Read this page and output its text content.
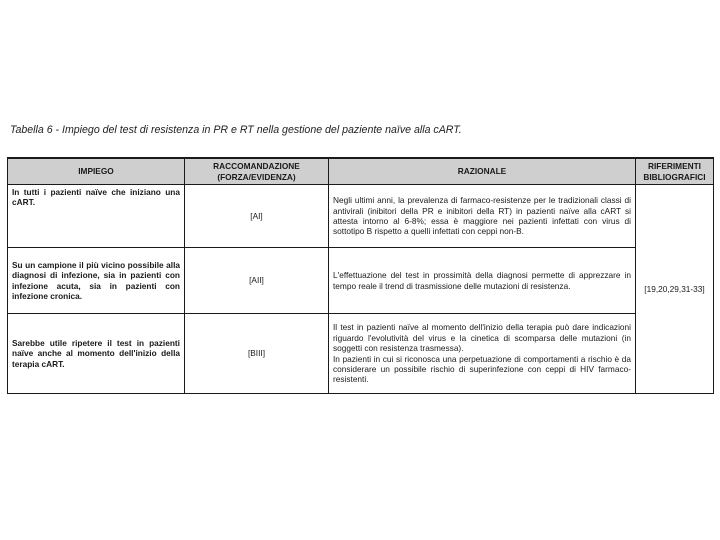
Tabella 6 - Impiego del test di resistenza in PR e RT nella gestione del paziente naïve alla cART.
IMPIEGO	RACCOMANDAZIONE (FORZA/EVIDENZA)	RAZIONALE	RIFERIMENTI BIBLIOGRAFICI
In tutti i pazienti naïve che iniziano una cART.	[AI]	Negli ultimi anni, la prevalenza di farmaco-resistenze per le tradizionali classi di antivirali (inibitori della PR e inibitori della RT) in pazienti naïve alla cART si attesta intorno al 6-8%; essa è maggiore nei pazienti infettati con virus di sottotipo B rispetto a quelli infettati con ceppi non-B.	[19,20,29,31-33]
Su un campione il più vicino possibile alla diagnosi di infezione, sia in pazienti con infezione acuta, sia in pazienti con infezione cronica.	[AII]	L'effettuazione del test in prossimità della diagnosi permette di apprezzare in tempo reale il trend di trasmissione delle mutazioni di resistenza.	

Sarebbe utile ripetere il test in pazienti naïve anche al momento dell'inizio della terapia cART.	[BIII]	Il test in pazienti naïve al momento dell'inizio della terapia può dare indicazioni riguardo l'evolutività del virus e la cinetica di scomparsa delle mutazioni (in soggetti con resistenza trasmessa).

In pazienti in cui si riconosca una perpetuazione di comportamenti a rischio è da considerare un possibile rischio di superinfezione con ceppi di HIV farmaco-resistenti.	
